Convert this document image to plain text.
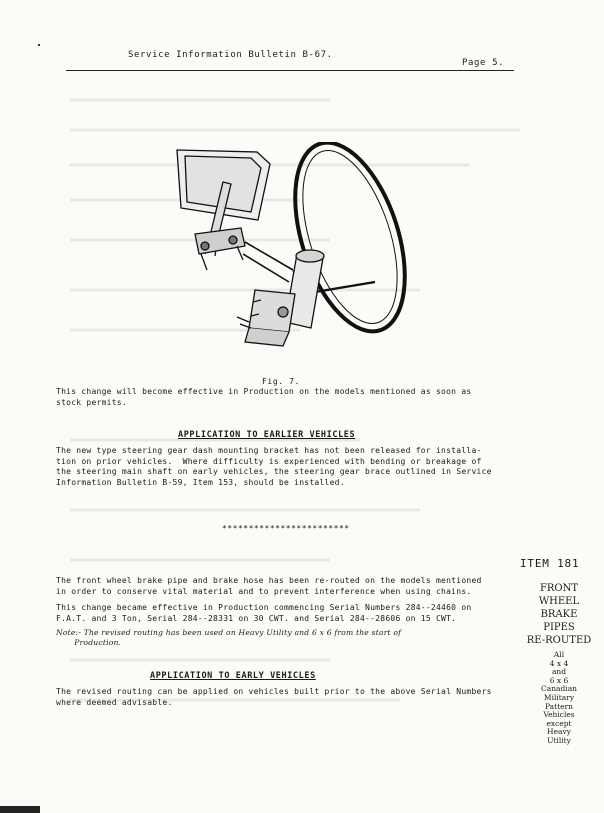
Service Information Bulletin B-67.
Page 5.
Fig. 7.
This change will become effective in Production on the models mentioned as soon as
stock permits.
APPLICATION TO EARLIER VEHICLES
The new type steering gear dash mounting bracket has not been released for installa-
tion on prior vehicles.  Where difficulty is experienced with bending or breakage of
the steering main shaft on early vehicles, the steering gear brace outlined in Service
Information Bulletin B-59, Item 153, should be installed.
************************
ITEM 181
FRONT
WHEEL
BRAKE
PIPES
RE-ROUTED
All
4 x 4
and
6 x 6
Canadian
Military
Pattern
Vehicles
except
Heavy
Utility
The front wheel brake pipe and brake hose has been re-routed on the models mentioned
in order to conserve vital material and to prevent interference when using chains.
This change became effective in Production commencing Serial Numbers 284--24460 on
F.A.T. and 3 Ton, Serial 284--28331 on 30 CWT. and Serial 284--28606 on 15 CWT.
Note:- The revised routing has been used on Heavy Utility and 6 x 6 from the start of
Production.
APPLICATION TO EARLY VEHICLES
The revised routing can be applied on vehicles built prior to the above Serial Numbers
where deemed advisable.
